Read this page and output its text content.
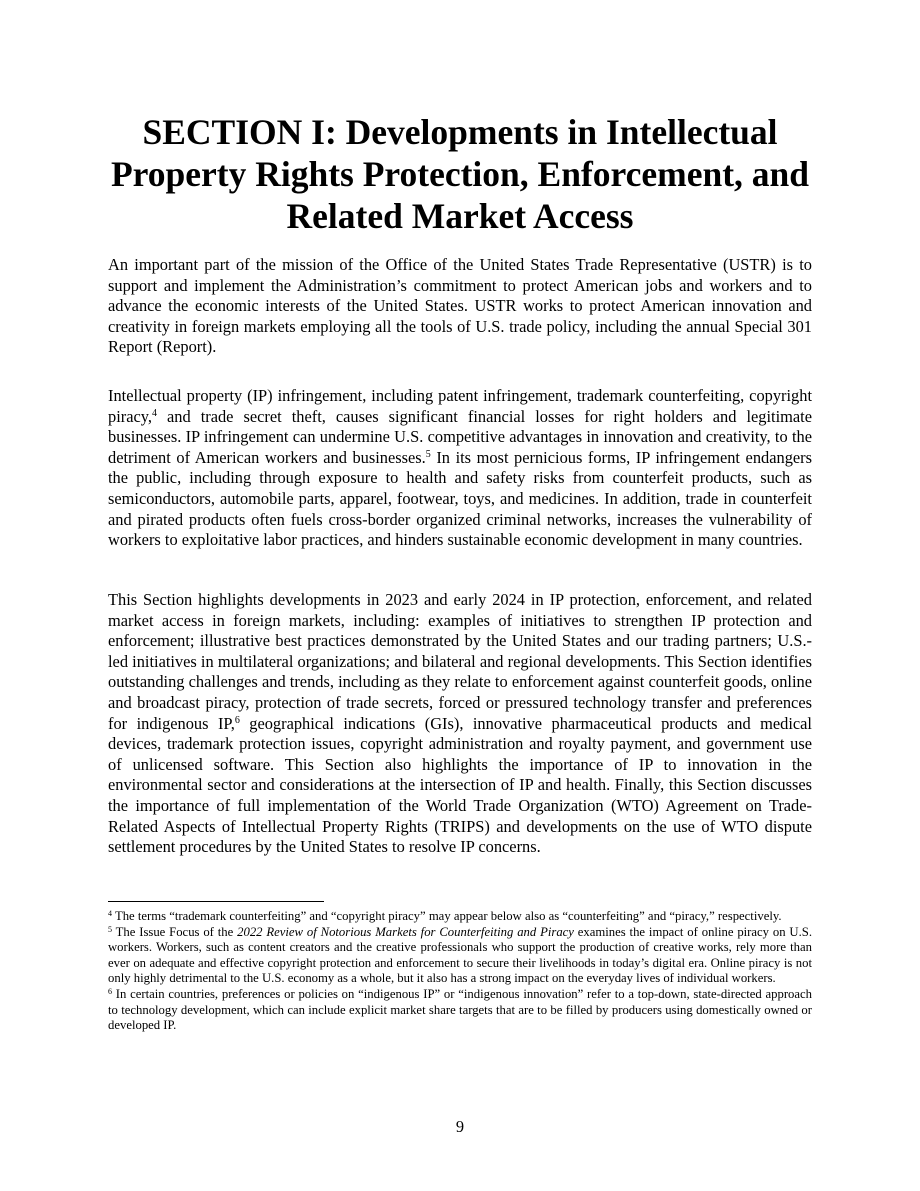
SECTION I: Developments in Intellectual
Property Rights Protection, Enforcement, and
Related Market Access

An important part of the mission of the Office of the United States Trade Representative (USTR) is to support and implement the Administration’s commitment to protect American jobs and workers and to advance the economic interests of the United States. USTR works to protect American innovation and creativity in foreign markets employing all the tools of U.S. trade policy, including the annual Special 301 Report (Report).

Intellectual property (IP) infringement, including patent infringement, trademark counterfeiting, copyright piracy,$^4$ and trade secret theft, causes significant financial losses for right holders and legitimate businesses. IP infringement can undermine U.S. competitive advantages in innovation and creativity, to the detriment of American workers and businesses.$^5$ In its most pernicious forms, IP infringement endangers the public, including through exposure to health and safety risks from counterfeit products, such as semiconductors, automobile parts, apparel, footwear, toys, and medicines. In addition, trade in counterfeit and pirated products often fuels cross-border organized criminal networks, increases the vulnerability of workers to exploitative labor practices, and hinders sustainable economic development in many countries.

This Section highlights developments in 2023 and early 2024 in IP protection, enforcement, and related market access in foreign markets, including: examples of initiatives to strengthen IP protection and enforcement; illustrative best practices demonstrated by the United States and our trading partners; U.S.-led initiatives in multilateral organizations; and bilateral and regional developments. This Section identifies outstanding challenges and trends, including as they relate to enforcement against counterfeit goods, online and broadcast piracy, protection of trade secrets, forced or pressured technology transfer and preferences for indigenous IP,$^6$ geographical indications (GIs), innovative pharmaceutical products and medical devices, trademark protection issues, copyright administration and royalty payment, and government use of unlicensed software. This Section also highlights the importance of IP to innovation in the environmental sector and considerations at the intersection of IP and health. Finally, this Section discusses the importance of full implementation of the World Trade Organization (WTO) Agreement on Trade-Related Aspects of Intellectual Property Rights (TRIPS) and developments on the use of WTO dispute settlement procedures by the United States to resolve IP concerns.

$^4$ The terms “trademark counterfeiting” and “copyright piracy” may appear below also as “counterfeiting” and “piracy,” respectively.

$^5$ The Issue Focus of the 2022 Review of Notorious Markets for Counterfeiting and Piracy examines the impact of online piracy on U.S. workers. Workers, such as content creators and the creative professionals who support the production of creative works, rely more than ever on adequate and effective copyright protection and enforcement to secure their livelihoods in today’s digital era. Online piracy is not only highly detrimental to the U.S. economy as a whole, but it also has a strong impact on the everyday lives of individual workers.

$^6$ In certain countries, preferences or policies on “indigenous IP” or “indigenous innovation” refer to a top-down, state-directed approach to technology development, which can include explicit market share targets that are to be filled by producers using domestically owned or developed IP.

9
